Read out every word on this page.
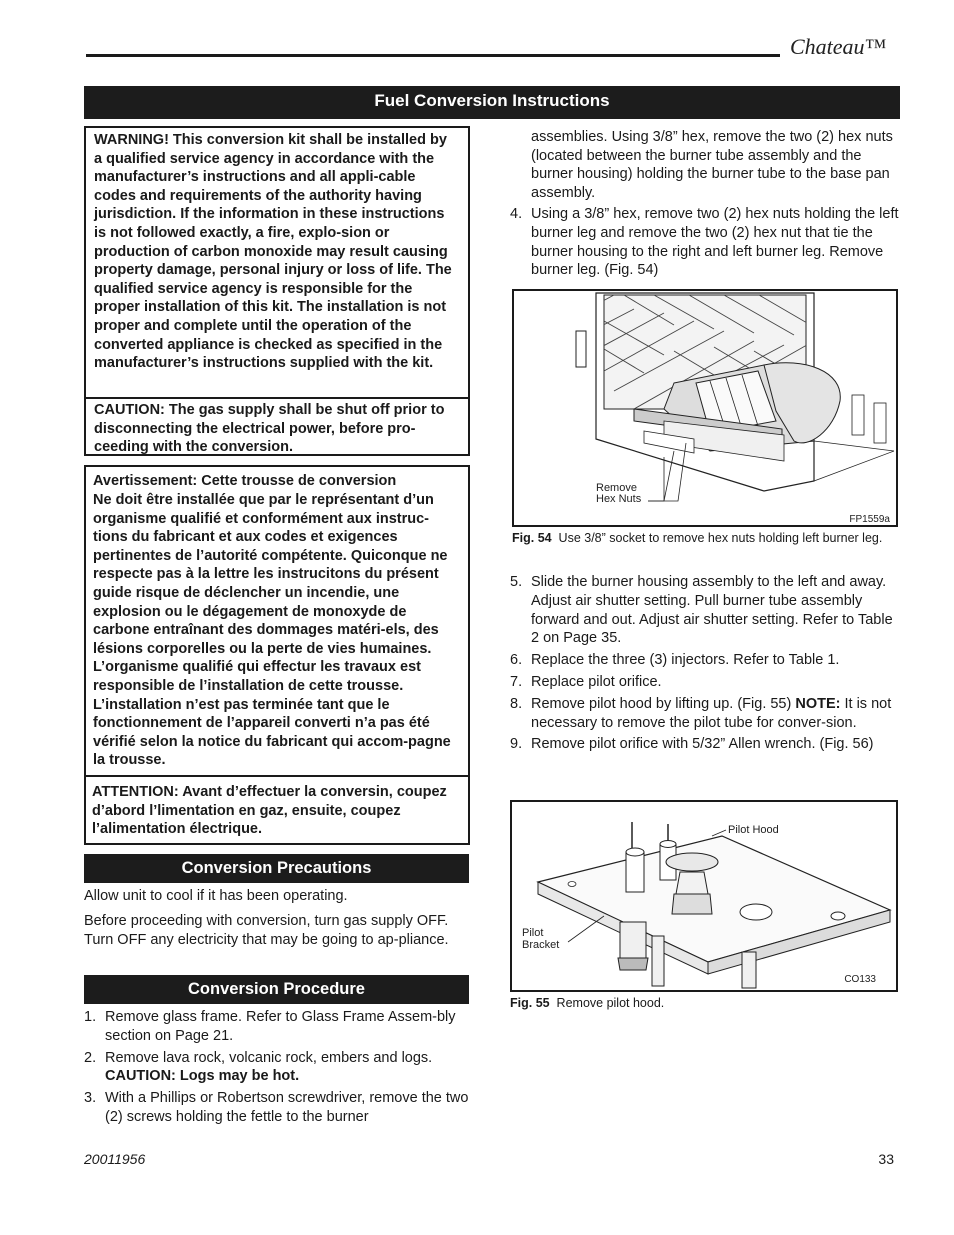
Chateau™
Fuel Conversion Instructions
WARNING! This conversion kit shall be installed by a qualified service agency in accordance with the manufacturer’s instructions and all appli-cable codes and requirements of the authority having jurisdiction. If the information in these instructions is not followed exactly, a fire, explo-sion or production of carbon monoxide may result causing property damage, personal injury or loss of life. The qualified service agency is responsible for the proper installation of this kit. The installation is not proper and complete until the operation of the converted appliance is checked as specified in the manufacturer’s instructions supplied with the kit.
CAUTION: The gas supply shall be shut off prior to disconnecting the electrical power, before pro-ceeding with the conversion.
Avertissement: Cette trousse de conversion
Ne doit être installée que par le représentant d’un organisme qualifié et conformément aux instruc-tions du fabricant et aux codes et exigences pertinentes de l’autorité compétente. Quiconque ne respecte pas à la lettre les instrucitons du présent guide risque de déclencher un incendie, une explosion ou le dégagement de monoxyde de carbone entraînant des dommages matéri-els, des lésions corporelles ou la perte de vies humaines. L’organisme qualifié qui effectur les travaux est responsible de l’installation de cette trousse. L’installation n’est pas terminée tant que le fonctionnement de l’appareil converti n’a pas été vérifié selon la notice du fabricant qui accom-pagne la trousse.
ATTENTION: Avant d’effectuer la conversin, coupez d’abord l’limentation en gaz, ensuite, coupez l’alimentation électrique.
Conversion Precautions
Allow unit to cool if it has been operating.
Before proceeding with conversion, turn gas supply OFF. Turn OFF any electricity that may be going to ap-pliance.
Conversion Procedure
1. Remove glass frame. Refer to Glass Frame Assem-bly section on Page 21.
2. Remove lava rock, volcanic rock, embers and logs.
CAUTION: Logs may be hot.
3. With a Phillips or Robertson screwdriver, remove the two (2) screws holding the fettle to the burner
assemblies. Using 3/8” hex, remove the two (2) hex nuts (located between the burner tube assembly and the burner housing) holding the burner tube to the base pan assembly.
4. Using a 3/8” hex, remove two (2) hex nuts holding the left burner leg and remove the two (2) hex nut that tie the burner housing to the right and left burner leg. Remove burner leg. (Fig. 54)
Remove
Hex Nuts
FP1559a
Fig. 54 Use 3/8” socket to remove hex nuts holding left burner leg.
5. Slide the burner housing assembly to the left and away. Adjust air shutter setting. Pull burner tube assembly forward and out. Adjust air shutter setting. Refer to Table 2 on Page 35.
6. Replace the three (3) injectors. Refer to Table 1.
7. Replace pilot orifice.
8. Remove pilot hood by lifting up. (Fig. 55) NOTE: It is not necessary to remove the pilot tube for conver-sion.
9. Remove pilot orifice with 5/32” Allen wrench. (Fig. 56)
Pilot Hood
Pilot
Bracket
CO133
Fig. 55 Remove pilot hood.
20011956	33
